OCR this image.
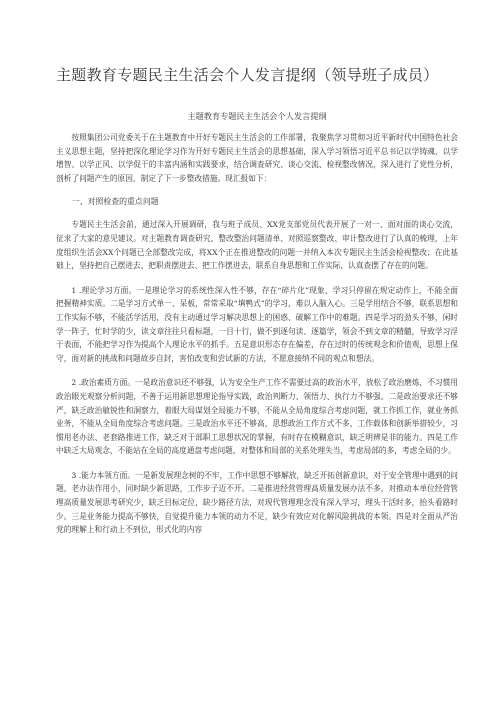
主题教育专题民主生活会个人发言提纲（领导班子成员）
主题教育专题民主生活会个人发言提纲

按照集团公司党委关于在主题教育中开好专题民主生活会的工作部署，我聚焦学习贯彻习近平新时代中国特色社会主义思想主题，坚持把深化理论学习作为开好专题民主生活会的思想基础，深入学习领悟习近平总书记以学铸魂、以学增智、以学正风、以学促干的丰富内涵和实践要求，结合调查研究、谈心交流、检视整改情况，深入进行了党性分析，剖析了问题产生的原因，制定了下一步整改措施。现汇报如下：

一、对照检查的重点问题

专题民主生活会前，通过深入开展调研，我与班子成员、XX党支部党员代表开展了一对一、面对面的谈心交流，征求了大家的意见建议。对主题教育调查研究、整改整治问题清单、对照巡察整改、审计整改进行了认真的梳理，上年度组织生活会XX个问题已全部整改完成，将XX个正在推进整改的问题一并纳入本次专题民主生活会检视整改；在此基础上，坚持把自己摆进去、把职责摆进去、把工作摆进去，联系自身思想和工作实际，认真查摆了存在的问题。

1 .理论学习方面。一是理论学习的系统性深入性不够，存在“碎片化”现象，学习只停留在规定动作上，不能全面把握精神实质。二是学习方式单一、呆板，常常采取“填鸭式”的学习，难以入脑入心。三是学用结合不够，联系思想和工作实际不够，不能活学活用，没有主动通过学习解决思想上的困惑、破解工作中的难题。四是学习的劲头不够，闲时学一阵子，忙时学的少，读文章往往只看标题，一目十行，做不到逐句读、逐篇学，领会不到文章的精髓，导致学习浮于表面，不能把学习作为提高个人理论水平的抓手。五是意识形态存在偏差，存在过时的传统观念和价值观，思想上保守，面对新的挑战和问题故步自封，害怕改变和尝试新的方法，不愿意接纳不同的观点和想法。

2 .政治素质方面。一是政治意识还不够强，认为安全生产工作不需要过高的政治水平，放松了政治磨炼，不习惯用政治眼光观察分析问题，不善于运用新思想理论指导实践，政治判断力、领悟力、执行力不够强。二是政治要求还不够严，缺乏政治敏锐性和洞察力，着眼大局谋划全局能力不够，不能从全局角度综合考虑问题，就工作抓工作，就业务抓业务，不能从全局角度综合考虑问题。三是政治水平还不够高，思想政治工作方式不多，工作载体和创新举措较少，习惯用老办法、老套路推进工作，缺乏对于部职工思想状况的掌握，有时存在模糊意识，缺乏明辨是非的能力。四是工作中缺乏大局观念，不能站在全局的高度通盘考虑问题，对整体和局部的关系处理失当，考虑局部的多，考虑全局的少。

3 .能力本领方面。一是新发展理念树的不牢，工作中思想不够解放，缺乏开拓创新意识，对于安全管理中遇到的问题，老办法作用小，同时缺少新思路，工作步子迈不开。二是推进经营管理高质量发展办法不多，对推动本单位经营管理高质量发展思考研究少，缺乏目标定位，缺少路径方法，对现代管理理念没有深入学习，理头干活时多，抬头看路时少。三是业务能力提高不够快，自觉提升能力本领的动力不足，缺少有效应对化解风险挑战的本领。四是对全面从严治党的理解上和行动上不到位，形式化的内容
